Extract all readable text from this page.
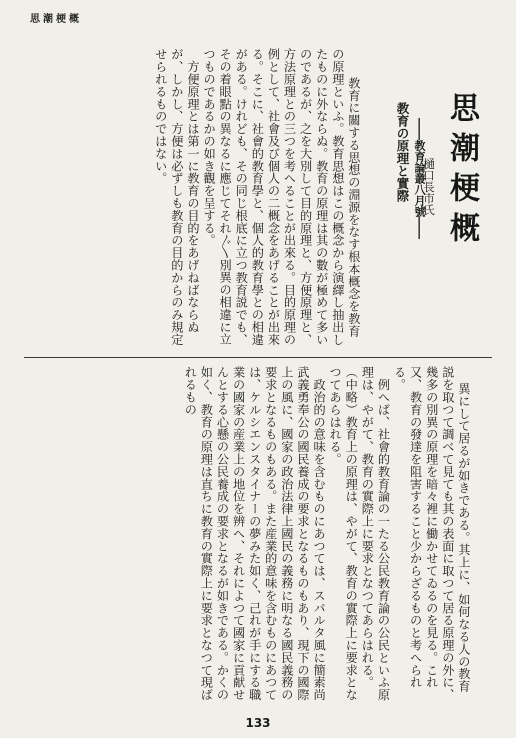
思潮梗概
思潮梗概
教育の原理と實際 ――教育論叢八月號――
樋口長市氏

　教育に關する思想の淵源をなす根本概念を教育の原理といふ。教育思想はこの概念から演繹し抽出したものに外ならぬ。教育の原理は其の數が極めて多いのであるが、之を大別して目的原理と、方便原理と、方法原理との三つを考へることが出來る。目的原理の例として、社會及び個人の二概念をあげることが出來る。そこに、社會的教育學と、個人的教育學との相違がある。けれども、その同じ根底に立つ教育説でも、その着眼點の異なるに應じてそれ〴〵別異の相違に立つものであるかの如き觀を呈する。
　方便原理とは第一に教育の目的をあげねばならぬが、しかし、方便は必ずしも教育の目的からのみ規定せられるものではない。

異にして居るが如きである。其上に、如何なる人の教育説を取つて調べて見ても其の表面に取つて居る原理の外に、幾多の別異の原理を暗々裡に働かせてゐるのを見る。これ又、教育の發達を阻害すること少からざるものと考へられる。
　例へば、社會的教育論の一たる公民教育論の公民といふ原理は、やがて、教育の實際上に要求となつてあらはれる。（中略）教育上の原理は、やがて、教育の實際上に要求となつてあらはれる。
　政治的の意味を含むものにあつては、スパルタ風に簡素尚武義勇奉公の國民養成の要求となるものもあり、現下の國際上の風に、國家の政治法律上國民の義務に明なる國民義務の要求となるものもある。また産業的意味を含むものにあつては、ケルシエンスタイナーの夢みた如く、己れが手にする職業の國家の産業上の地位を辨へ、それによつて國家に貢献せんとする心懸の公民養成の要求となるが如きである。かくの如く、教育の原理は直ちに教育の實際上に要求となつて現ばれるもの

133
